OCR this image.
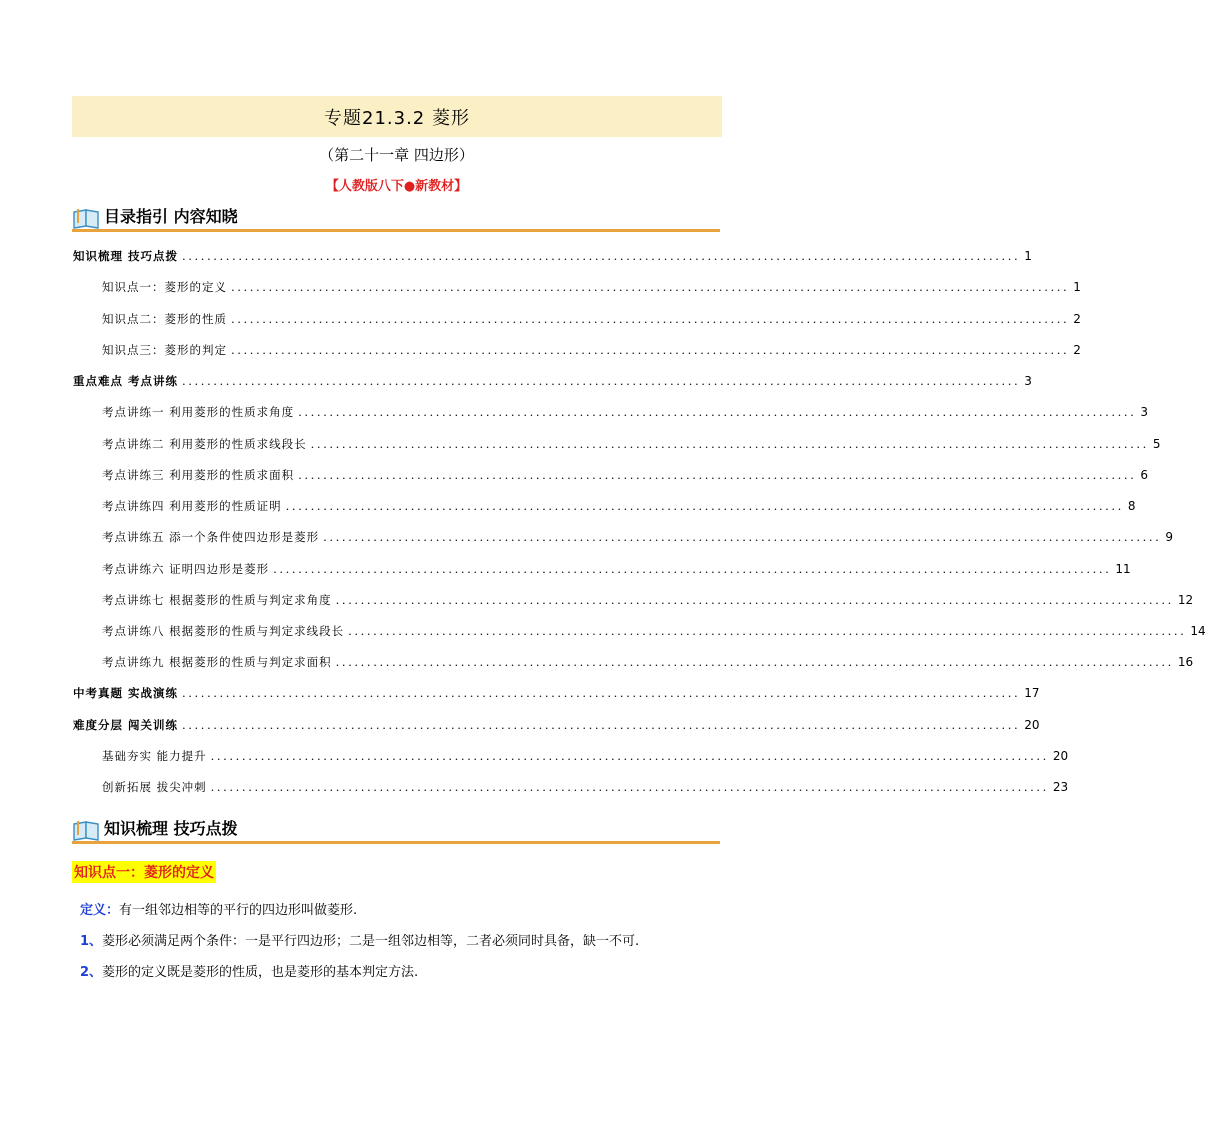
专题21.3.2 菱形
（第二十一章 四边形）
【人教版八下●新教材】
目录指引 内容知晓
知识梳理 技巧点拨 ...................................................................................................................................... 1
知识点一：菱形的定义 ...................................................................................................................................... 1
知识点二：菱形的性质 ...................................................................................................................................... 2
知识点三：菱形的判定 ...................................................................................................................................... 2
重点难点 考点讲练 ...................................................................................................................................... 3
考点讲练一 利用菱形的性质求角度 ...................................................................................................................................... 3
考点讲练二 利用菱形的性质求线段长 ...................................................................................................................................... 5
考点讲练三 利用菱形的性质求面积 ...................................................................................................................................... 6
考点讲练四 利用菱形的性质证明 ...................................................................................................................................... 8
考点讲练五 添一个条件使四边形是菱形 ...................................................................................................................................... 9
考点讲练六 证明四边形是菱形 ...................................................................................................................................... 11
考点讲练七 根据菱形的性质与判定求角度 ...................................................................................................................................... 12
考点讲练八 根据菱形的性质与判定求线段长 ...................................................................................................................................... 14
考点讲练九 根据菱形的性质与判定求面积 ...................................................................................................................................... 16
中考真题 实战演练 ...................................................................................................................................... 17
难度分层 闯关训练 ...................................................................................................................................... 20
基础夯实 能力提升 ...................................................................................................................................... 20
创新拓展 拔尖冲刺 ...................................................................................................................................... 23
知识梳理 技巧点拨
知识点一：菱形的定义
定义：有一组邻边相等的平行的四边形叫做菱形.
1、菱形必须满足两个条件：一是平行四边形；二是一组邻边相等，二者必须同时具备，缺一不可.
2、菱形的定义既是菱形的性质，也是菱形的基本判定方法.
